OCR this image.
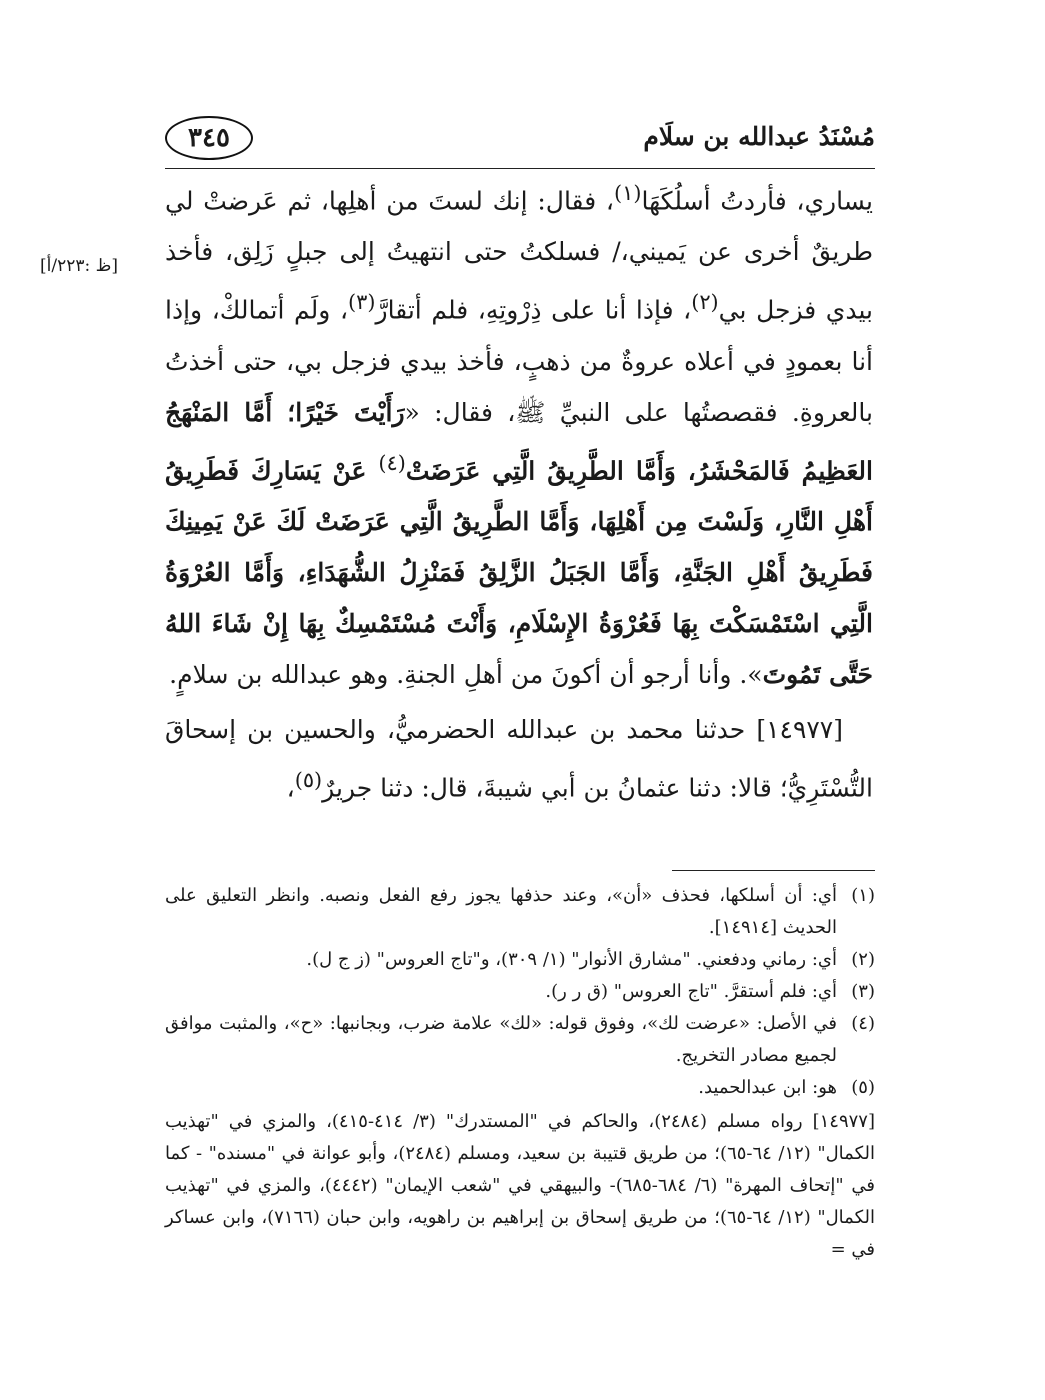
٣٤٥	مُسْنَدُ عبدالله بن سلَام
[ظ :٢٢٣/أ]

يساري، فأردتُ أسلُكَهَا$^{(١)}$، فقال: إنك لستَ من أهلِها، ثم عَرضتْ لي طريقٌ أخرى عن يَميني،/ فسلكتُ حتى انتهيتُ إلى جبلٍ زَلِق، فأخذ بيدي فزجل بي$^{(٢)}$، فإذا أنا على ذِرْوتِهِ، فلم أتقارَّ$^{(٣)}$، ولَم أتمالكْ، وإذا أنا بعمودٍ في أعلاه عروةٌ من ذهبٍ، فأخذ بيدي فزجل بي، حتى أخذتُ بالعروةِ. فقصصتُها على النبيِّ ﷺ، فقال: «رَأَيْتَ خَيْرًا؛ أَمَّا المَنْهَجُ العَظِيمُ فَالمَحْشَرُ، وَأَمَّا الطَّرِيقُ الَّتِي عَرَضَتْ$^{(٤)}$ عَنْ يَسَارِكَ فَطَرِيقُ أَهْلِ النَّارِ، وَلَسْتَ مِن أَهْلِهَا، وَأَمَّا الطَّرِيقُ الَّتِي عَرَضَتْ لَكَ عَنْ يَمِينِكَ فَطَرِيقُ أَهْلِ الجَنَّةِ، وَأَمَّا الجَبَلُ الزَّلِقُ فَمَنْزِلُ الشُّهَدَاءِ، وَأَمَّا العُرْوَةُ الَّتِي اسْتَمْسَكْتَ بِهَا فَعُرْوَةُ الإِسْلَامِ، وَأَنْتَ مُسْتَمْسِكٌ بِهَا إِنْ شَاءَ اللهُ حَتَّى تَمُوتَ». وأنا أرجو أن أكونَ من أهلِ الجنةِ. وهو عبدالله بن سلامٍ.

[١٤٩٧٧] حدثنا محمد بن عبدالله الحضرميُّ، والحسين بن إسحاقَ التُّسْتَرِيُّ؛ قالا: دثنا عثمانُ بن أبي شيبةَ، قال: دثنا جريرٌ$^{(٥)}$،

(١)
أي: أن أسلكها، فحذف «أن»، وعند حذفها يجوز رفع الفعل ونصبه. وانظر التعليق على الحديث [١٤٩١٤].
(٢)
أي: رماني ودفعني. "مشارق الأنوار" (١/ ٣٠٩)، و"تاج العروس" (ز ج ل).
(٣)
أي: فلم أستقرَّ. "تاج العروس" (ق ر ر).
(٤)
في الأصل: «عرضت لك»، وفوق قوله: «لك» علامة ضرب، وبجانبها: «ح»، والمثبت موافق لجميع مصادر التخريج.
(٥)
هو: ابن عبدالحميد.
[١٤٩٧٧] رواه مسلم (٢٤٨٤)، والحاكم في "المستدرك" (٣/ ٤١٤-٤١٥)، والمزي في "تهذيب الكمال" (١٢/ ٦٤-٦٥)؛ من طريق قتيبة بن سعيد، ومسلم (٢٤٨٤)، وأبو عوانة في "مسنده" - كما في "إتحاف المهرة" (٦/ ٦٨٤-٦٨٥)- والبيهقي في "شعب الإيمان" (٤٤٤٢)، والمزي في "تهذيب الكمال" (١٢/ ٦٤-٦٥)؛ من طريق إسحاق بن إبراهيم بن راهويه، وابن حبان (٧١٦٦)، وابن عساكر في =
